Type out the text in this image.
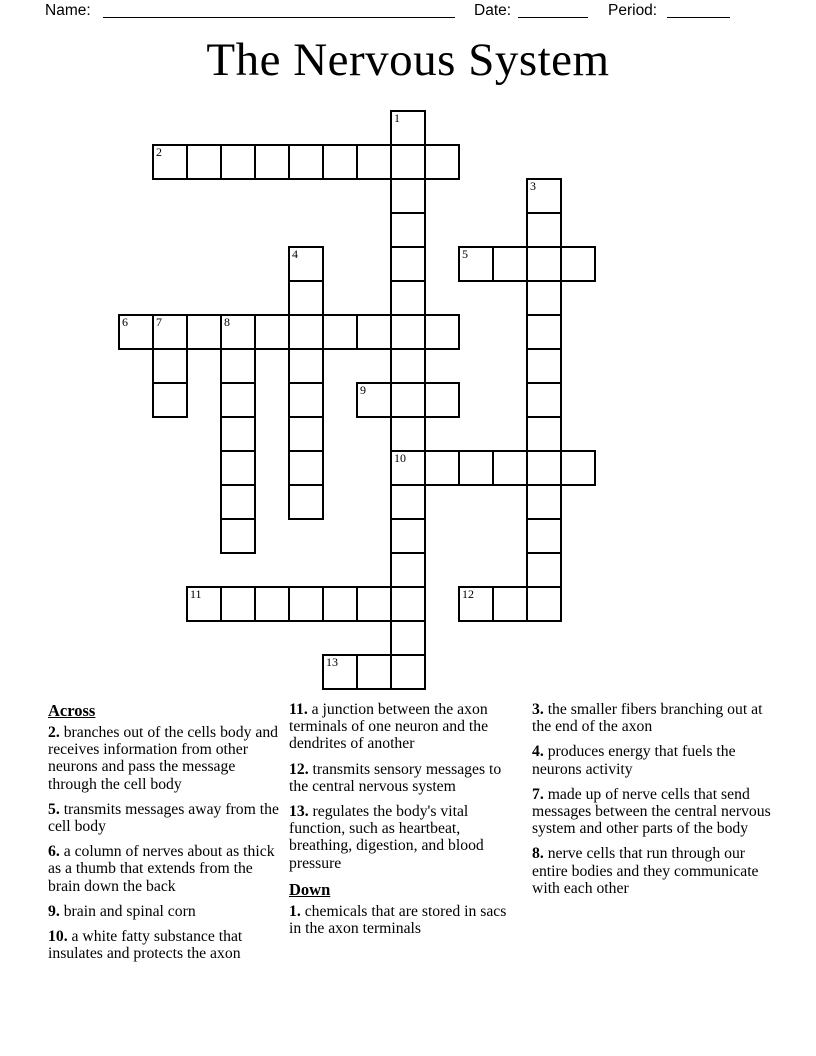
Name:	Date:	Period:
The Nervous System
1
2
3
4	5
6 7	8
9
10
11	12
13
Across

2. branches out of the cells body and receives information from other neurons and pass the message through the cell body

5. transmits messages away from the cell body

6. a column of nerves about as thick as a thumb that extends from the brain down the back

9. brain and spinal corn

10. a white fatty substance that insulates and protects the axon

11. a junction between the axon terminals of one neuron and the dendrites of another

12. transmits sensory messages to the central nervous system

13. regulates the body's vital function, such as heartbeat, breathing, digestion, and blood pressure

Down

1. chemicals that are stored in sacs in the axon terminals

3. the smaller fibers branching out at the end of the axon

4. produces energy that fuels the neurons activity

7. made up of nerve cells that send messages between the central nervous system and other parts of the body

8. nerve cells that run through our entire bodies and they communicate with each other
